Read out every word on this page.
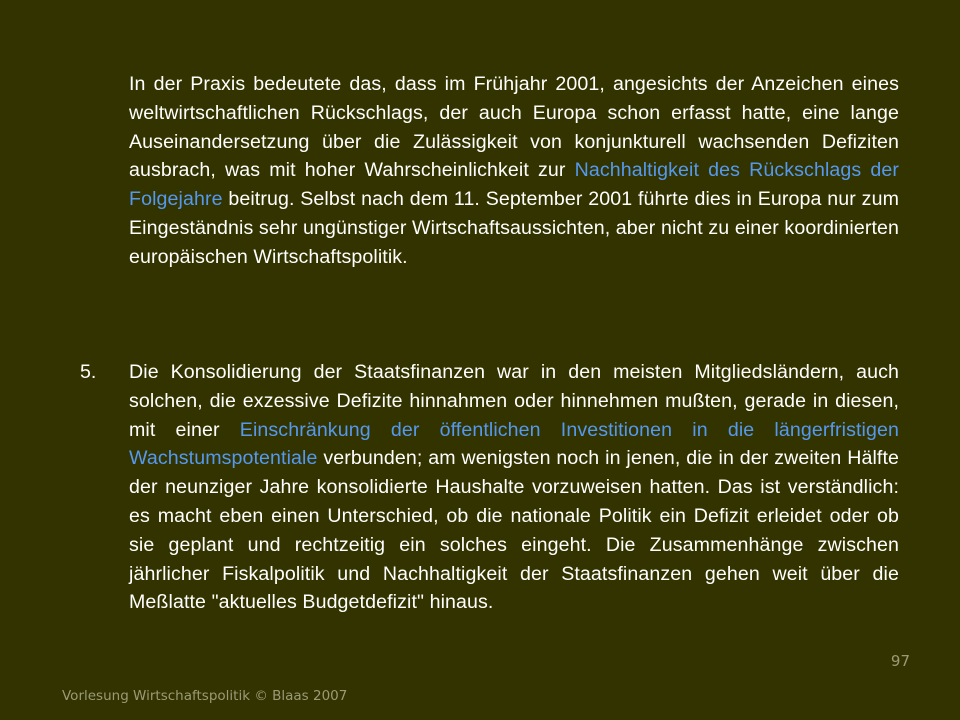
In der Praxis bedeutete das, dass im Frühjahr 2001, angesichts der Anzeichen eines weltwirtschaftlichen Rückschlags, der auch Europa schon erfasst hatte, eine lange Auseinandersetzung über die Zulässigkeit von konjunkturell wachsenden Defiziten ausbrach, was mit hoher Wahrscheinlichkeit zur Nachhaltigkeit des Rückschlags der Folgejahre beitrug. Selbst nach dem 11. September 2001 führte dies in Europa nur zum Eingeständnis sehr ungünstiger Wirtschaftsaussichten, aber nicht zu einer koordinierten europäischen Wirtschaftspolitik.
5. Die Konsolidierung der Staatsfinanzen war in den meisten Mitgliedsländern, auch solchen, die exzessive Defizite hinnahmen oder hinnehmen mußten, gerade in diesen, mit einer Einschränkung der öffentlichen Investitionen in die längerfristigen Wachstumspotentiale verbunden; am wenigsten noch in jenen, die in der zweiten Hälfte der neunziger Jahre konsolidierte Haushalte vorzuweisen hatten. Das ist verständlich: es macht eben einen Unterschied, ob die nationale Politik ein Defizit erleidet oder ob sie geplant und rechtzeitig ein solches eingeht. Die Zusammenhänge zwischen jährlicher Fiskalpolitik und Nachhaltigkeit der Staatsfinanzen gehen weit über die Meßlatte "aktuelles Budgetdefizit" hinaus.
97
Vorlesung Wirtschaftspolitik © Blaas 2007
